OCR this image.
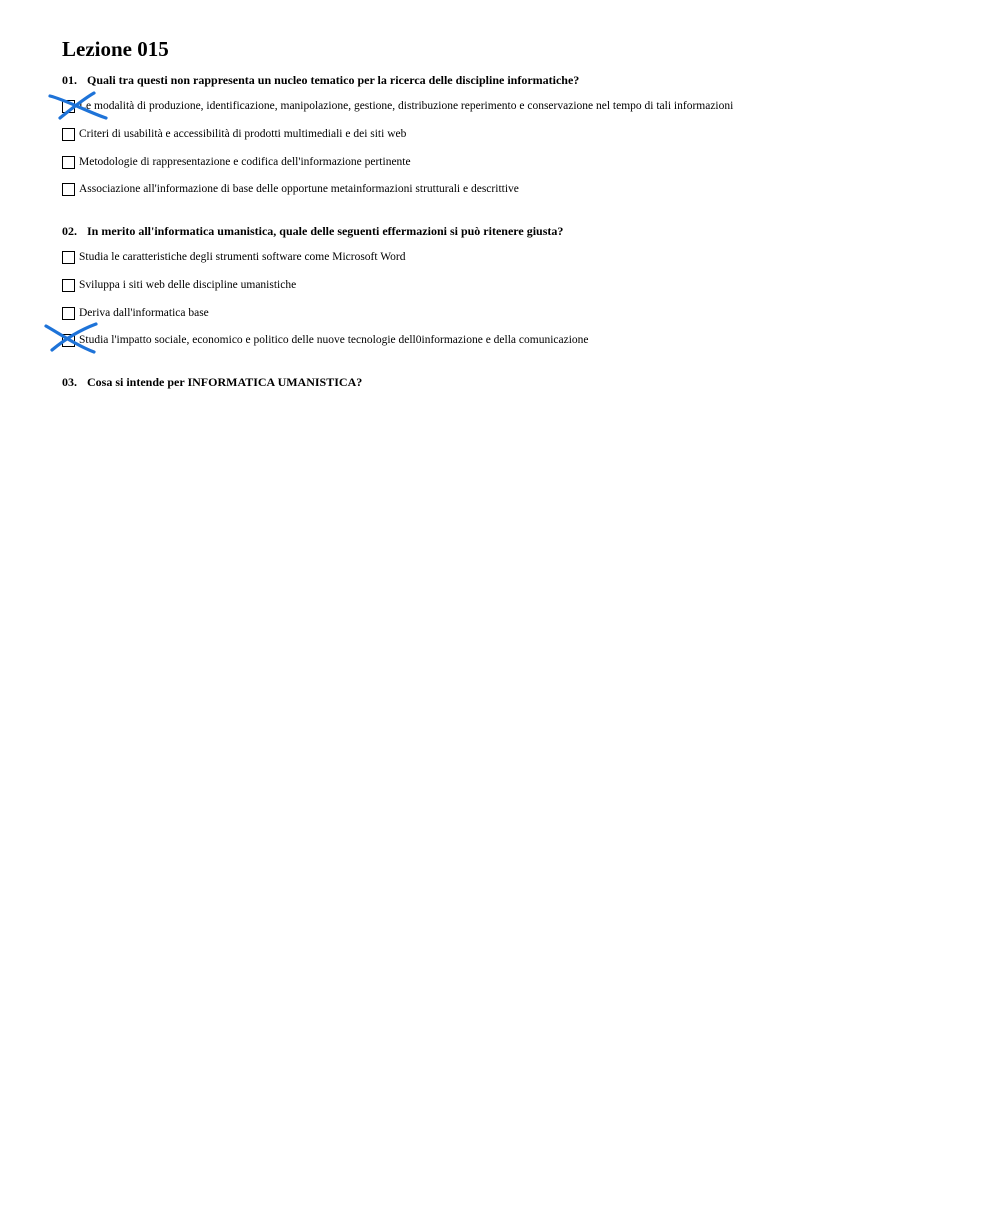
Lezione 015
01. Quali tra questi non rappresenta un nucleo tematico per la ricerca delle discipline informatiche?
Le modalità di produzione, identificazione, manipolazione, gestione, distribuzione reperimento e conservazione nel tempo di tali informazioni
Criteri di usabilità e accessibilità di prodotti multimediali e dei siti web
Metodologie di rappresentazione e codifica dell'informazione pertinente
Associazione all'informazione di base delle opportune metainformazioni strutturali e descrittive
02. In merito all'informatica umanistica, quale delle seguenti effermazioni si può ritenere giusta?
Studia le caratteristiche degli strumenti software come Microsoft Word
Sviluppa i siti web delle discipline umanistiche
Deriva dall'informatica base
Studia l'impatto sociale, economico e politico delle nuove tecnologie dell0informazione e della comunicazione
03. Cosa si intende per INFORMATICA UMANISTICA?
